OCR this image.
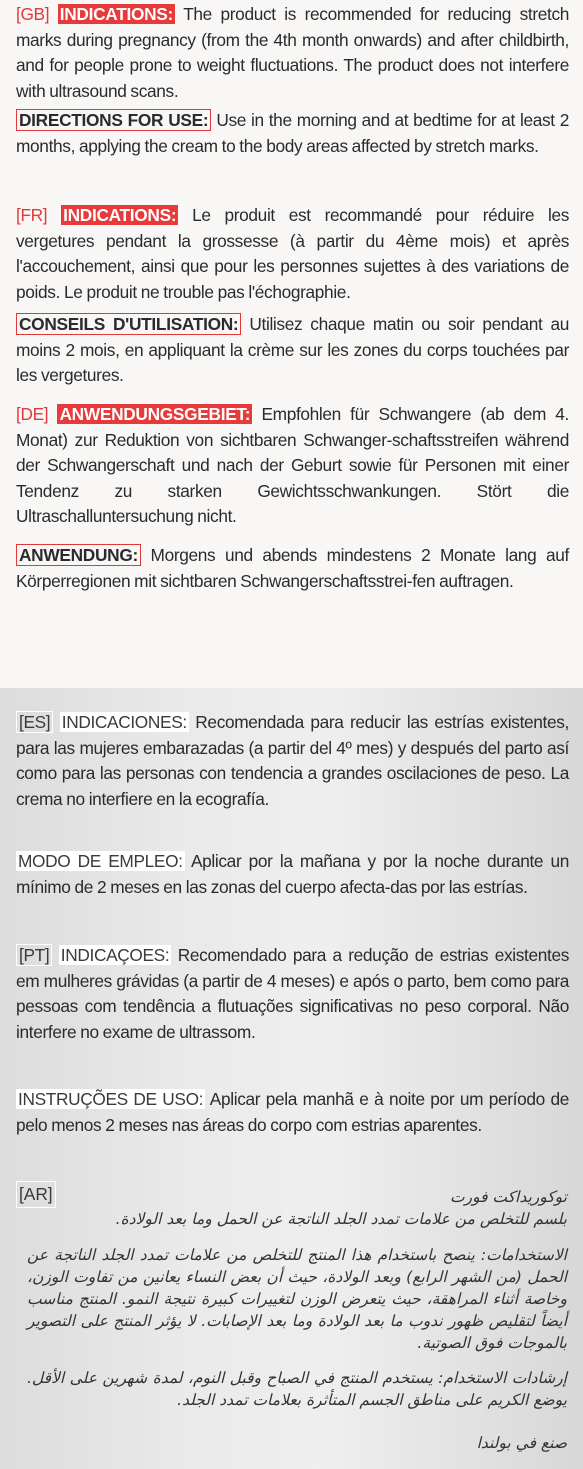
[GB] INDICATIONS: The product is recommended for reducing stretch marks during pregnancy (from the 4th month onwards) and after childbirth, and for people prone to weight fluctuations. The product does not interfere with ultrasound scans.

DIRECTIONS FOR USE: Use in the morning and at bedtime for at least 2 months, applying the cream to the body areas affected by stretch marks.

[FR] INDICATIONS: Le produit est recommandé pour réduire les vergetures pendant la grossesse (à partir du 4ème mois) et après l'accouchement, ainsi que pour les personnes sujettes à des variations de poids. Le produit ne trouble pas l'échographie.

CONSEILS D'UTILISATION: Utilisez chaque matin ou soir pendant au moins 2 mois, en appliquant la crème sur les zones du corps touchées par les vergetures.

[DE] ANWENDUNGSGEBIET: Empfohlen für Schwangere (ab dem 4. Monat) zur Reduktion von sichtbaren Schwanger-schaftsstreifen während der Schwangerschaft und nach der Geburt sowie für Personen mit einer Tendenz zu starken Gewichtsschwankungen. Stört die Ultraschalluntersuchung nicht.

ANWENDUNG: Morgens und abends mindestens 2 Monate lang auf Körperregionen mit sichtbaren Schwangerschaftsstrei-fen auftragen.

[ES] INDICACIONES: Recomendada para reducir las estrías existentes, para las mujeres embarazadas (a partir del 4º mes) y después del parto así como para las personas con tendencia a grandes oscilaciones de peso. La crema no interfiere en la ecografía.

MODO DE EMPLEO: Aplicar por la mañana y por la noche durante un mínimo de 2 meses en las zonas del cuerpo afecta-das por las estrías.

[PT] INDICAÇOES: Recomendado para a redução de estrias existentes em mulheres grávidas (a partir de 4 meses) e após o parto, bem como para pessoas com tendência a flutuações significativas no peso corporal. Não interfere no exame de ultrassom.

INSTRUÇÕES DE USO: Aplicar pela manhã e à noite por um período de pelo menos 2 meses nas áreas do corpo com estrias aparentes.

[AR]	توكوريداكت فورت

بلسم للتخلص من علامات تمدد الجلد الناتجة عن الحمل وما بعد الولادة.

الاستخدامات: ينصح باستخدام هذا المنتج للتخلص من علامات تمدد الجلد الناتجة عن الحمل (من الشهر الرابع) وبعد الولادة، حيث أن بعض النساء يعانين من تفاوت الوزن، وخاصة أثناء المراهقة، حيث يتعرض الوزن لتغييرات كبيرة نتيجة النمو. المنتج مناسب أيضاً لتقليص ظهور ندوب ما بعد الولادة وما بعد الإصابات. لا يؤثر المنتج على التصوير بالموجات فوق الصوتية.

إرشادات الاستخدام: يستخدم المنتج في الصباح وقبل النوم، لمدة شهرين على الأقل. يوضع الكريم على مناطق الجسم المتأثرة بعلامات تمدد الجلد.

صنع في بولندا
